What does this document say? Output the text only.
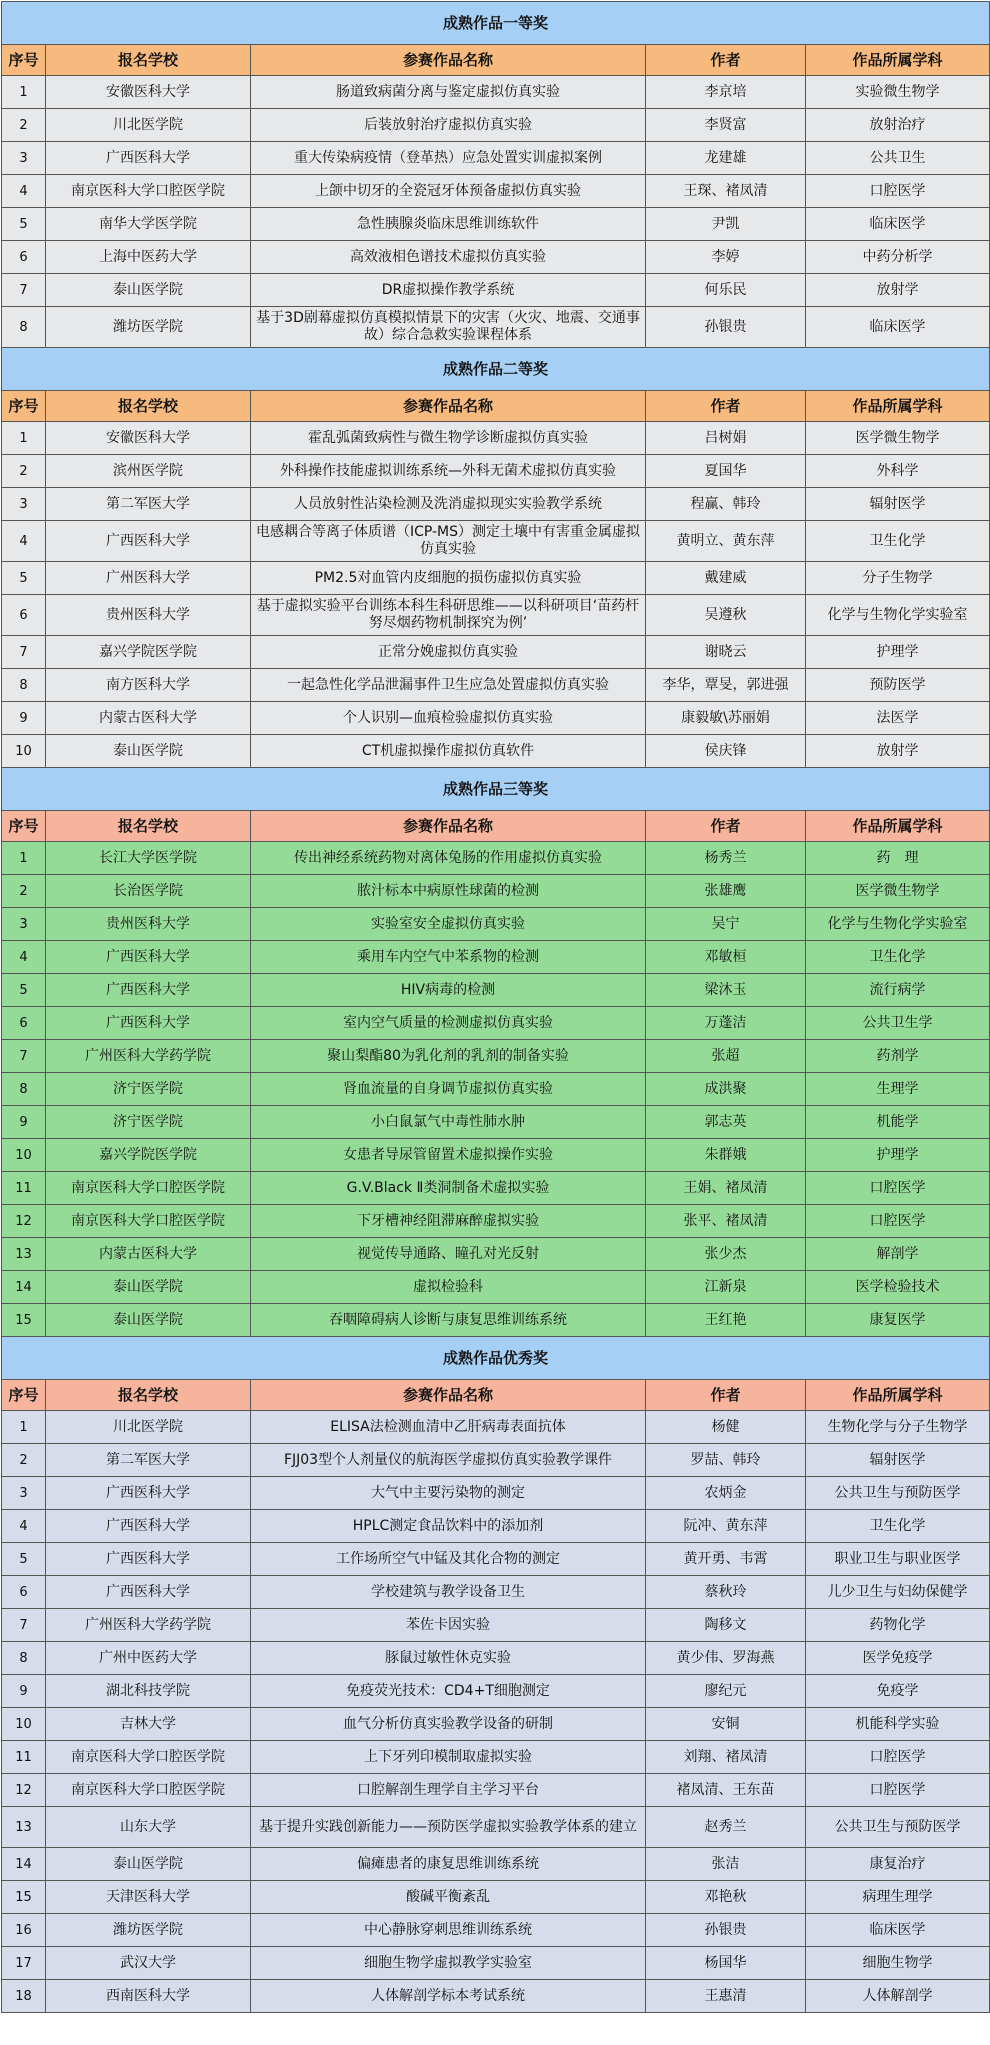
成熟作品一等奖				
序号	报名学校	参赛作品名称	作者	作品所属学科
1	安徽医科大学	肠道致病菌分离与鉴定虚拟仿真实验	李京培	实验微生物学
2	川北医学院	后装放射治疗虚拟仿真实验	李贤富	放射治疗
3	广西医科大学	重大传染病疫情（登革热）应急处置实训虚拟案例	龙建雄	公共卫生
4	南京医科大学口腔医学院	上颌中切牙的全瓷冠牙体预备虚拟仿真实验	王琛、褚凤清	口腔医学
5	南华大学医学院	急性胰腺炎临床思维训练软件	尹凯	临床医学
6	上海中医药大学	高效液相色谱技术虚拟仿真实验	李婷	中药分析学
7	泰山医学院	DR虚拟操作教学系统	何乐民	放射学
8	潍坊医学院	基于3D剧幕虚拟仿真模拟情景下的灾害（火灾、地震、交通事故）综合急救实验课程体系	孙银贵	临床医学
成熟作品二等奖				
序号	报名学校	参赛作品名称	作者	作品所属学科
1	安徽医科大学	霍乱弧菌致病性与微生物学诊断虚拟仿真实验	吕树娟	医学微生物学
2	滨州医学院	外科操作技能虚拟训练系统—外科无菌术虚拟仿真实验	夏国华	外科学
3	第二军医大学	人员放射性沾染检测及洗消虚拟现实实验教学系统	程赢、韩玲	辐射医学
4	广西医科大学	电感耦合等离子体质谱（ICP-MS）测定土壤中有害重金属虚拟仿真实验	黄明立、黄东萍	卫生化学
5	广州医科大学	PM2.5对血管内皮细胞的损伤虚拟仿真实验	戴建威	分子生物学
6	贵州医科大学	基于虚拟实验平台训练本科生科研思维——以科研项目‘苗药杆努尽烟药物机制探究为例’	吴遵秋	化学与生物化学实验室
7	嘉兴学院医学院	正常分娩虚拟仿真实验	谢晓云	护理学
8	南方医科大学	一起急性化学品泄漏事件卫生应急处置虚拟仿真实验	李华，覃旻，郭进强	预防医学
9	内蒙古医科大学	个人识别—血痕检验虚拟仿真实验	康毅敏\苏丽娟	法医学
10	泰山医学院	CT机虚拟操作虚拟仿真软件	侯庆锋	放射学
成熟作品三等奖				
序号	报名学校	参赛作品名称	作者	作品所属学科
1	长江大学医学院	传出神经系统药物对离体兔肠的作用虚拟仿真实验	杨秀兰	药　理
2	长治医学院	脓汁标本中病原性球菌的检测	张雄鹰	医学微生物学
3	贵州医科大学	实验室安全虚拟仿真实验	吴宁	化学与生物化学实验室
4	广西医科大学	乘用车内空气中苯系物的检测	邓敏桓	卫生化学
5	广西医科大学	HIV病毒的检测	梁沐玉	流行病学
6	广西医科大学	室内空气质量的检测虚拟仿真实验	万蓬洁	公共卫生学
7	广州医科大学药学院	聚山梨酯80为乳化剂的乳剂的制备实验	张超	药剂学
8	济宁医学院	肾血流量的自身调节虚拟仿真实验	成洪聚	生理学
9	济宁医学院	小白鼠氯气中毒性肺水肿	郭志英	机能学
10	嘉兴学院医学院	女患者导尿管留置术虚拟操作实验	朱群娥	护理学
11	南京医科大学口腔医学院	G.V.Black Ⅱ类洞制备术虚拟实验	王娟、褚凤清	口腔医学
12	南京医科大学口腔医学院	下牙槽神经阻滞麻醉虚拟实验	张平、褚凤清	口腔医学
13	内蒙古医科大学	视觉传导通路、瞳孔对光反射	张少杰	解剖学
14	泰山医学院	虚拟检验科	江新泉	医学检验技术
15	泰山医学院	吞咽障碍病人诊断与康复思维训练系统	王红艳	康复医学
成熟作品优秀奖				
序号	报名学校	参赛作品名称	作者	作品所属学科
1	川北医学院	ELISA法检测血清中乙肝病毒表面抗体	杨健	生物化学与分子生物学
2	第二军医大学	FJJ03型个人剂量仪的航海医学虚拟仿真实验教学课件	罗喆、韩玲	辐射医学
3	广西医科大学	大气中主要污染物的测定	农炳金	公共卫生与预防医学
4	广西医科大学	HPLC测定食品饮料中的添加剂	阮冲、黄东萍	卫生化学
5	广西医科大学	工作场所空气中锰及其化合物的测定	黄开勇、韦霄	职业卫生与职业医学
6	广西医科大学	学校建筑与教学设备卫生	蔡秋玲	儿少卫生与妇幼保健学
7	广州医科大学药学院	苯佐卡因实验	陶移文	药物化学
8	广州中医药大学	豚鼠过敏性休克实验	黄少伟、罗海燕	医学免疫学
9	湖北科技学院	免疫荧光技术：CD4+T细胞测定	廖纪元	免疫学
10	吉林大学	血气分析仿真实验教学设备的研制	安铜	机能科学实验
11	南京医科大学口腔医学院	上下牙列印模制取虚拟实验	刘翔、褚凤清	口腔医学
12	南京医科大学口腔医学院	口腔解剖生理学自主学习平台	褚凤清、王东苗	口腔医学
13	山东大学	基于提升实践创新能力——预防医学虚拟实验教学体系的建立	赵秀兰	公共卫生与预防医学
14	泰山医学院	偏瘫患者的康复思维训练系统	张洁	康复治疗
15	天津医科大学	酸碱平衡紊乱	邓艳秋	病理生理学
16	潍坊医学院	中心静脉穿刺思维训练系统	孙银贵	临床医学
17	武汉大学	细胞生物学虚拟教学实验室	杨国华	细胞生物学
18	西南医科大学	人体解剖学标本考试系统	王惠清	人体解剖学
大牧新闻
